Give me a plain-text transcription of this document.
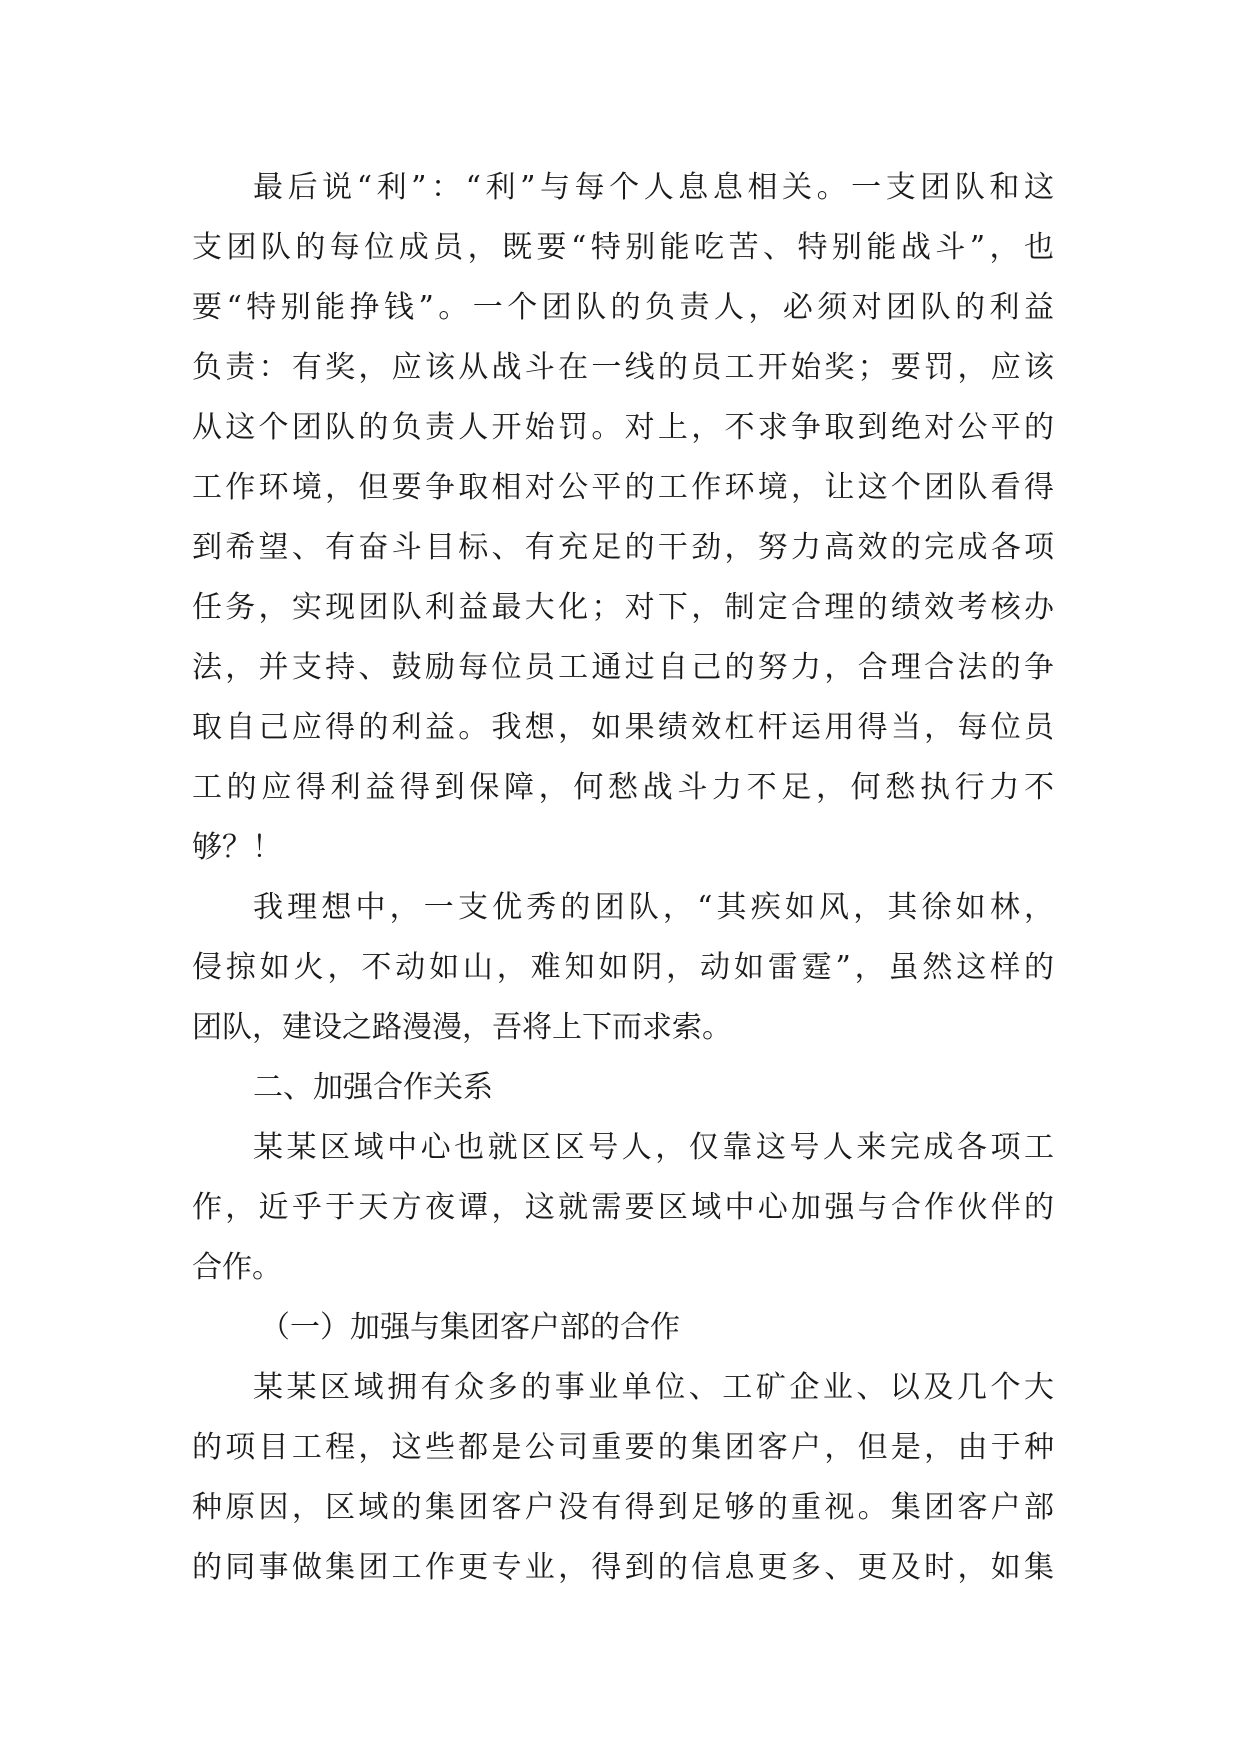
最后说“利”：“利”与每个人息息相关。一支团队和这
支团队的每位成员，既要“特别能吃苦、特别能战斗”，也
要“特别能挣钱”。一个团队的负责人，必须对团队的利益
负责：有奖，应该从战斗在一线的员工开始奖；要罚，应该
从这个团队的负责人开始罚。对上，不求争取到绝对公平的
工作环境，但要争取相对公平的工作环境，让这个团队看得
到希望、有奋斗目标、有充足的干劲，努力高效的完成各项
任务，实现团队利益最大化；对下，制定合理的绩效考核办
法，并支持、鼓励每位员工通过自己的努力，合理合法的争
取自己应得的利益。我想，如果绩效杠杆运用得当，每位员
工的应得利益得到保障，何愁战斗力不足，何愁执行力不
够？！
我理想中，一支优秀的团队，“其疾如风，其徐如林，
侵掠如火，不动如山，难知如阴，动如雷霆”，虽然这样的
团队，建设之路漫漫，吾将上下而求索。
二、加强合作关系
某某区域中心也就区区号人，仅靠这号人来完成各项工
作，近乎于天方夜谭，这就需要区域中心加强与合作伙伴的
合作。
（一）加强与集团客户部的合作
某某区域拥有众多的事业单位、工矿企业、以及几个大
的项目工程，这些都是公司重要的集团客户，但是，由于种
种原因，区域的集团客户没有得到足够的重视。集团客户部
的同事做集团工作更专业，得到的信息更多、更及时，如集
